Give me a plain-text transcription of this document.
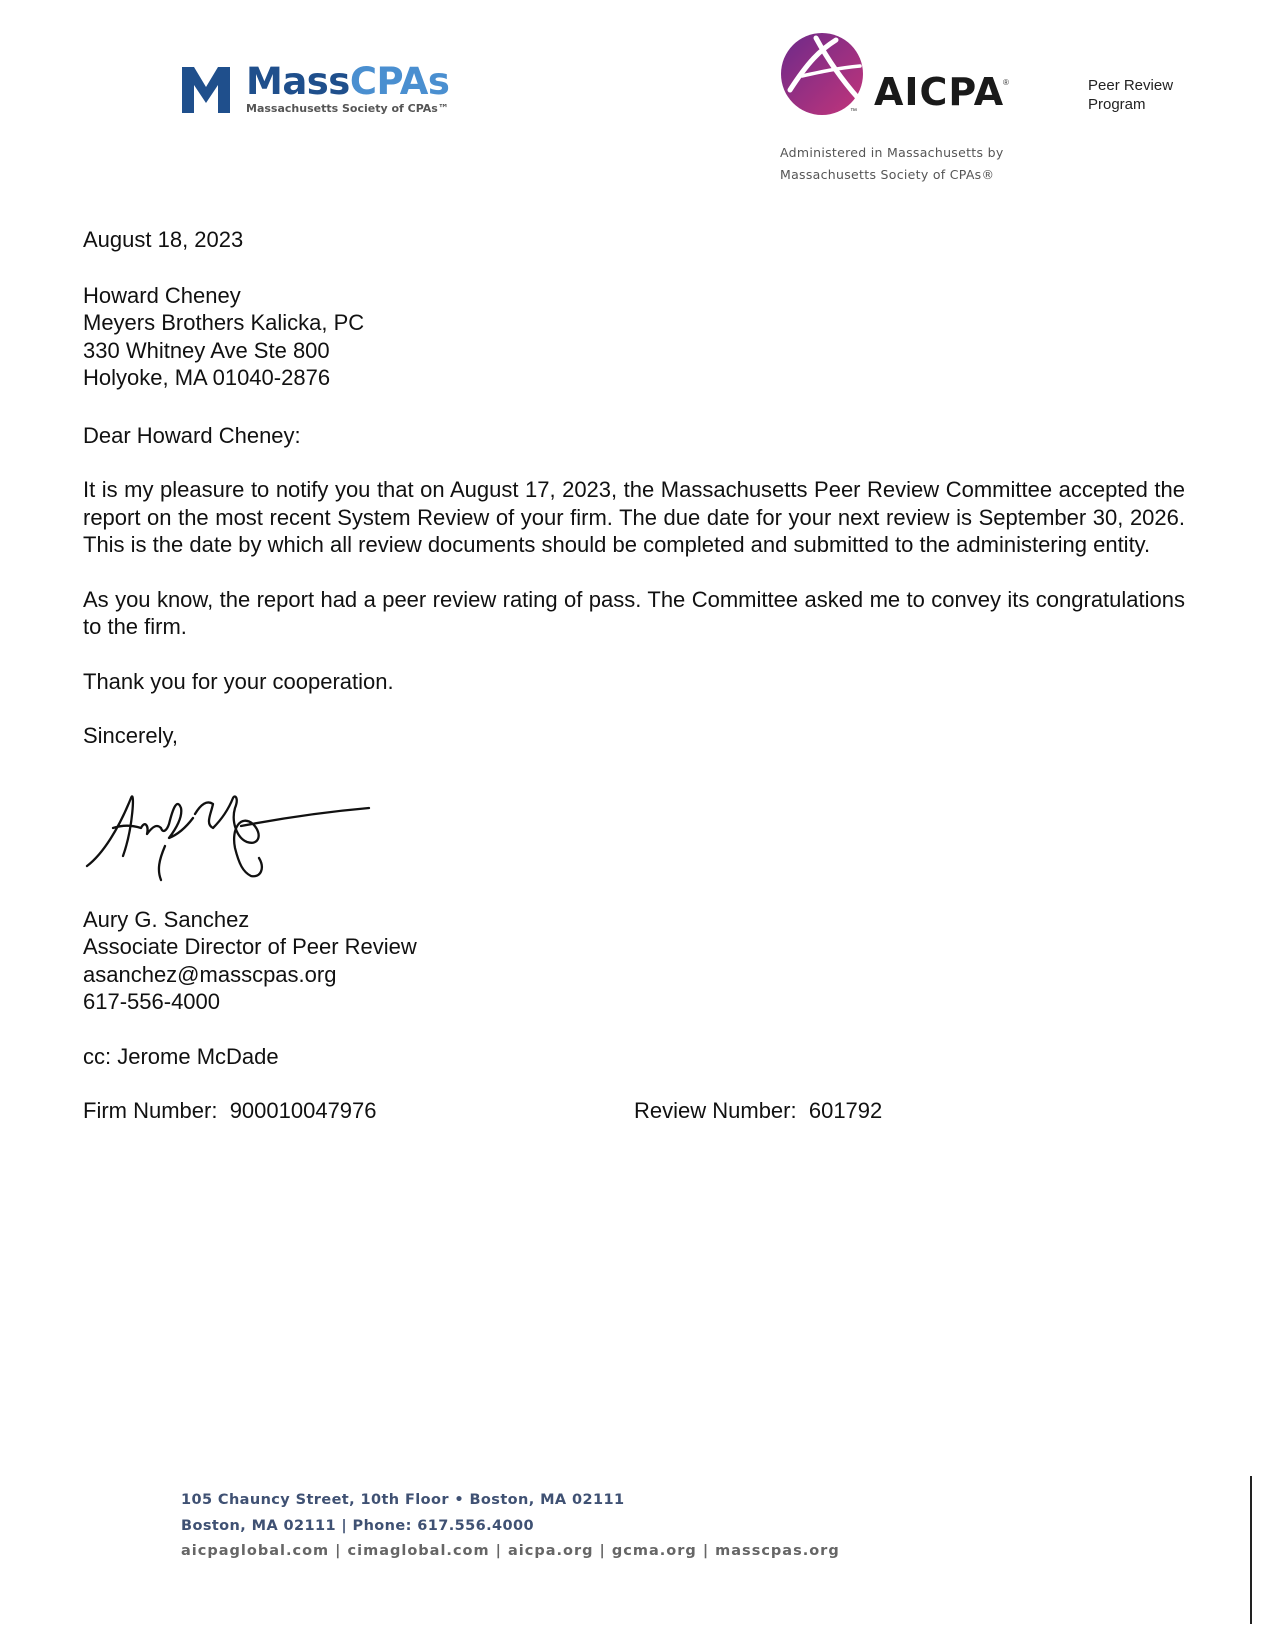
MassCPAs
Massachusetts Society of CPAs™	™ AICPA
®	Peer Review
Program
Administered in Massachusetts by
Massachusetts Society of CPAs®

August 18, 2023

Howard Cheney
Meyers Brothers Kalicka, PC
330 Whitney Ave Ste 800
Holyoke, MA 01040-2876

Dear Howard Cheney:

It is my pleasure to notify you that on August 17, 2023, the Massachusetts Peer Review Committee accepted the report on the most recent System Review of your firm. The due date for your next review is September 30, 2026. This is the date by which all review documents should be completed and submitted to the administering entity.

As you know, the report had a peer review rating of pass. The Committee asked me to convey its congratulations to the firm.

Thank you for your cooperation.

Sincerely,

Aury G. Sanchez
Associate Director of Peer Review
asanchez@masscpas.org
617-556-4000

cc: Jerome McDade

Firm Number: 900010047976	Review Number: 601792
105 Chauncy Street, 10th Floor • Boston, MA 02111
Boston, MA 02111 | Phone: 617.556.4000
aicpaglobal.com | cimaglobal.com | aicpa.org | gcma.org | masscpas.org
